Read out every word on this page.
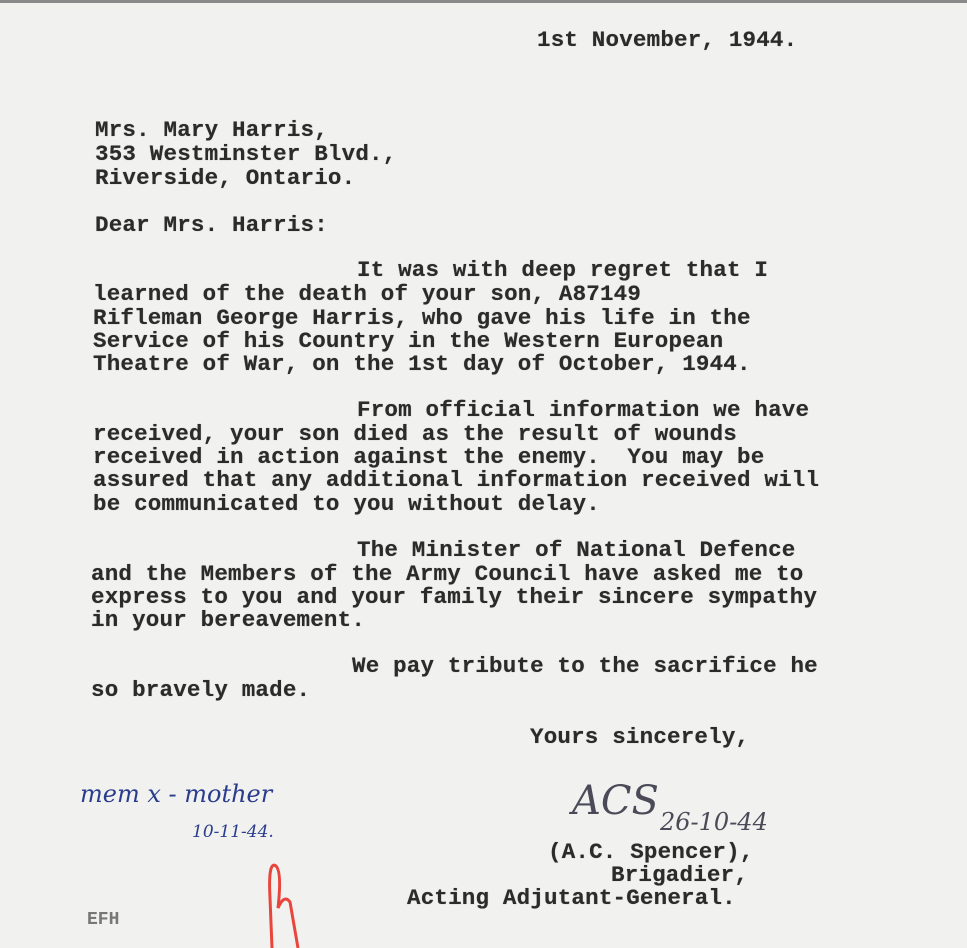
1st November, 1944.
Mrs. Mary Harris,
353 Westminster Blvd.,
Riverside, Ontario.
Dear Mrs. Harris:
It was with deep regret that I
learned of the death of your son, A87149
Rifleman George Harris, who gave his life in the
Service of his Country in the Western European
Theatre of War, on the 1st day of October, 1944.
From official information we have
received, your son died as the result of wounds
received in action against the enemy.  You may be
assured that any additional information received will
be communicated to you without delay.
The Minister of National Defence
and the Members of the Army Council have asked me to
express to you and your family their sincere sympathy
in your bereavement.
We pay tribute to the sacrifice he
so bravely made.
Yours sincerely,
mem x - mother
10-11-44.
ACS 26-10-44
(A.C. Spencer),
Brigadier,
Acting Adjutant-General.
EFH
